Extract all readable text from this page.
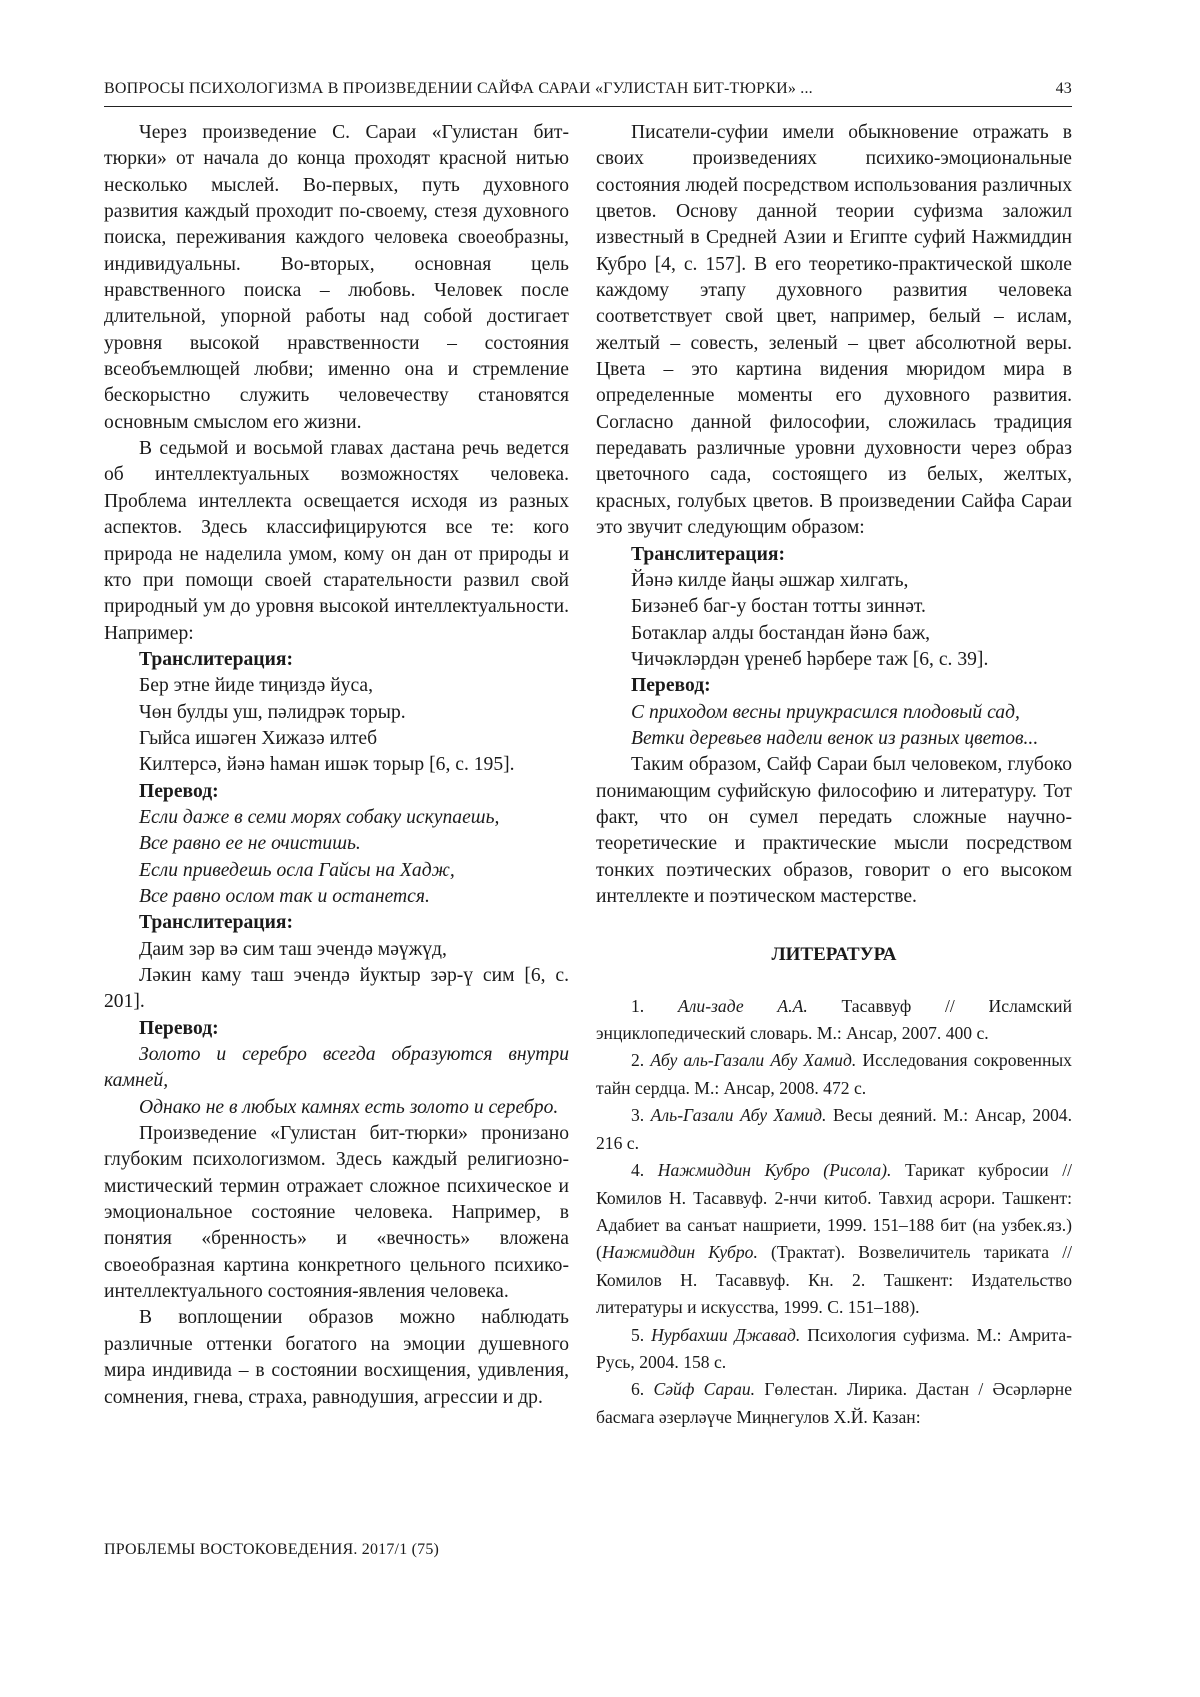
ВОПРОСЫ ПСИХОЛОГИЗМА В ПРОИЗВЕДЕНИИ САЙФА САРАИ «ГУЛИСТАН БИТ-ТЮРКИ» ...	43

Через произведение С. Сараи «Гулистан бит-тюрки» от начала до конца проходят красной нитью несколько мыслей. Во-первых, путь духовного развития каждый проходит по-своему, стезя духовного поиска, переживания каждого человека своеобразны, индивидуальны. Во-вторых, основная цель нравственного поиска – любовь. Человек после длительной, упорной работы над собой достигает уровня высокой нравственности – состояния всеобъемлющей любви; именно она и стремление бескорыстно служить человечеству становятся основным смыслом его жизни.

В седьмой и восьмой главах дастана речь ведется об интеллектуальных возможностях человека. Проблема интеллекта освещается исходя из разных аспектов. Здесь классифицируются все те: кого природа не наделила умом, кому он дан от природы и кто при помощи своей старательности развил свой природный ум до уровня высокой интеллектуальности. Например:

Транслитерация:

Бер этне йиде тиңиздә йуса,

Чөн булды уш, пәлидрәк торыр.

Гыйса ишәген Хижазә илтеб

Килтерсә, йәнә һаман ишәк торыр [6, с. 195].

Перевод:

Если даже в семи морях собаку искупаешь,

Все равно ее не очистишь.

Если приведешь осла Гайсы на Хадж,

Все равно ослом так и останется.

Транслитерация:

Даим зәр вә сим таш эчендә мәүжүд,

Ләкин каму таш эчендә йуктыр зәр-ү сим [6, с. 201].

Перевод:

Золото и серебро всегда образуются внутри камней,

Однако не в любых камнях есть золото и серебро.

Произведение «Гулистан бит-тюрки» пронизано глубоким психологизмом. Здесь каждый религиозно-мистический термин отражает сложное психическое и эмоциональное состояние человека. Например, в понятия «бренность» и «вечность» вложена своеобразная картина конкретного цельного психико-интеллектуального состояния-явления человека.

В воплощении образов можно наблюдать различные оттенки богатого на эмоции душевного мира индивида – в состоянии восхищения, удивления, сомнения, гнева, страха, равнодушия, агрессии и др.

Писатели-суфии имели обыкновение отражать в своих произведениях психико-эмоциональные состояния людей посредством использования различных цветов. Основу данной теории суфизма заложил известный в Средней Азии и Египте суфий Нажмиддин Кубро [4, с. 157]. В его теоретико-практической школе каждому этапу духовного развития человека соответствует свой цвет, например, белый – ислам, желтый – совесть, зеленый – цвет абсолютной веры. Цвета – это картина видения мюридом мира в определенные моменты его духовного развития. Согласно данной философии, сложилась традиция передавать различные уровни духовности через образ цветочного сада, состоящего из белых, желтых, красных, голубых цветов. В произведении Сайфа Сараи это звучит следующим образом:

Транслитерация:

Йәнә килде йаңы әшжар хилгать,

Бизәнеб баг-у бостан тотты зиннәт.

Ботаклар алды бостандан йәнә баж,

Чичәкләрдән үренеб һәрбере таж [6, с. 39].

Перевод:

С приходом весны приукрасился плодовый сад,

Ветки деревьев надели венок из разных цветов...

Таким образом, Сайф Сараи был человеком, глубоко понимающим суфийскую философию и литературу. Тот факт, что он сумел передать сложные научно-теоретические и практические мысли посредством тонких поэтических образов, говорит о его высоком интеллекте и поэтическом мастерстве.

ЛИТЕРАТУРА

1. Али-заде А.А. Тасаввуф // Исламский энциклопедический словарь. М.: Ансар, 2007. 400 с.

2. Абу аль-Газали Абу Хамид. Исследования сокровенных тайн сердца. М.: Ансар, 2008. 472 с.

3. Аль-Газали Абу Хамид. Весы деяний. М.: Ансар, 2004. 216 с.

4. Нажмиддин Кубро (Рисола). Тарикат кубросии // Комилов Н. Тасаввуф. 2-нчи китоб. Тавхид асрори. Ташкент: Адабиет ва санъат нашриети, 1999. 151–188 бит (на узбек.яз.) (Нажмиддин Кубро. (Трактат). Возвеличитель тариката // Комилов Н. Тасаввуф. Кн. 2. Ташкент: Издательство литературы и искусства, 1999. С. 151–188).

5. Нурбахши Джавад. Психология суфизма. М.: Амрита-Русь, 2004. 158 с.

6. Сәйф Сараи. Гөлестан. Лирика. Дастан / Әсәрләрне басмага әзерләүче Миңнегулов Х.Й. Казан:

ПРОБЛЕМЫ ВОСТОКОВЕДЕНИЯ. 2017/1 (75)
